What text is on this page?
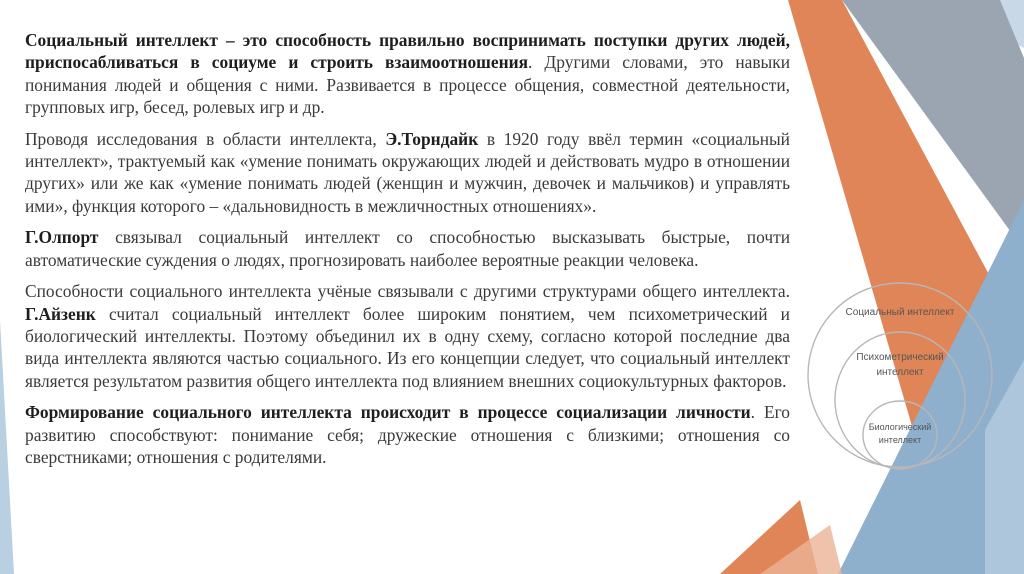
Социальный интеллект
Психометрический
интеллект
Биологический
интеллект

Социальный интеллект – это способность правильно воспринимать поступки других людей, приспосабливаться в социуме и строить взаимоотношения. Другими словами, это навыки понимания людей и общения с ними. Развивается в процессе общения, совместной деятельности, групповых игр, бесед, ролевых игр и др.

Проводя исследования в области интеллекта, Э.Торндайк в 1920 году ввёл термин «социальный интеллект», трактуемый как «умение понимать окружающих людей и действовать мудро в отношении других» или же как «умение понимать людей (женщин и мужчин, девочек и мальчиков) и управлять ими», функция которого – «дальновидность в межличностных отношениях».

Г.Олпорт связывал социальный интеллект со способностью высказывать быстрые, почти автоматические суждения о людях, прогнозировать наиболее вероятные реакции человека.

Способности социального интеллекта учёные связывали с другими структурами общего интеллекта. Г.Айзенк считал социальный интеллект более широким понятием, чем психометрический и биологический интеллекты. Поэтому объединил их в одну схему, согласно которой последние два вида интеллекта являются частью социального. Из его концепции следует, что социальный интеллект является результатом развития общего интеллекта под влиянием внешних социокультурных факторов.

Формирование социального интеллекта происходит в процессе социализации личности. Его развитию способствуют: понимание себя; дружеские отношения с близкими; отношения со сверстниками; отношения с родителями.
